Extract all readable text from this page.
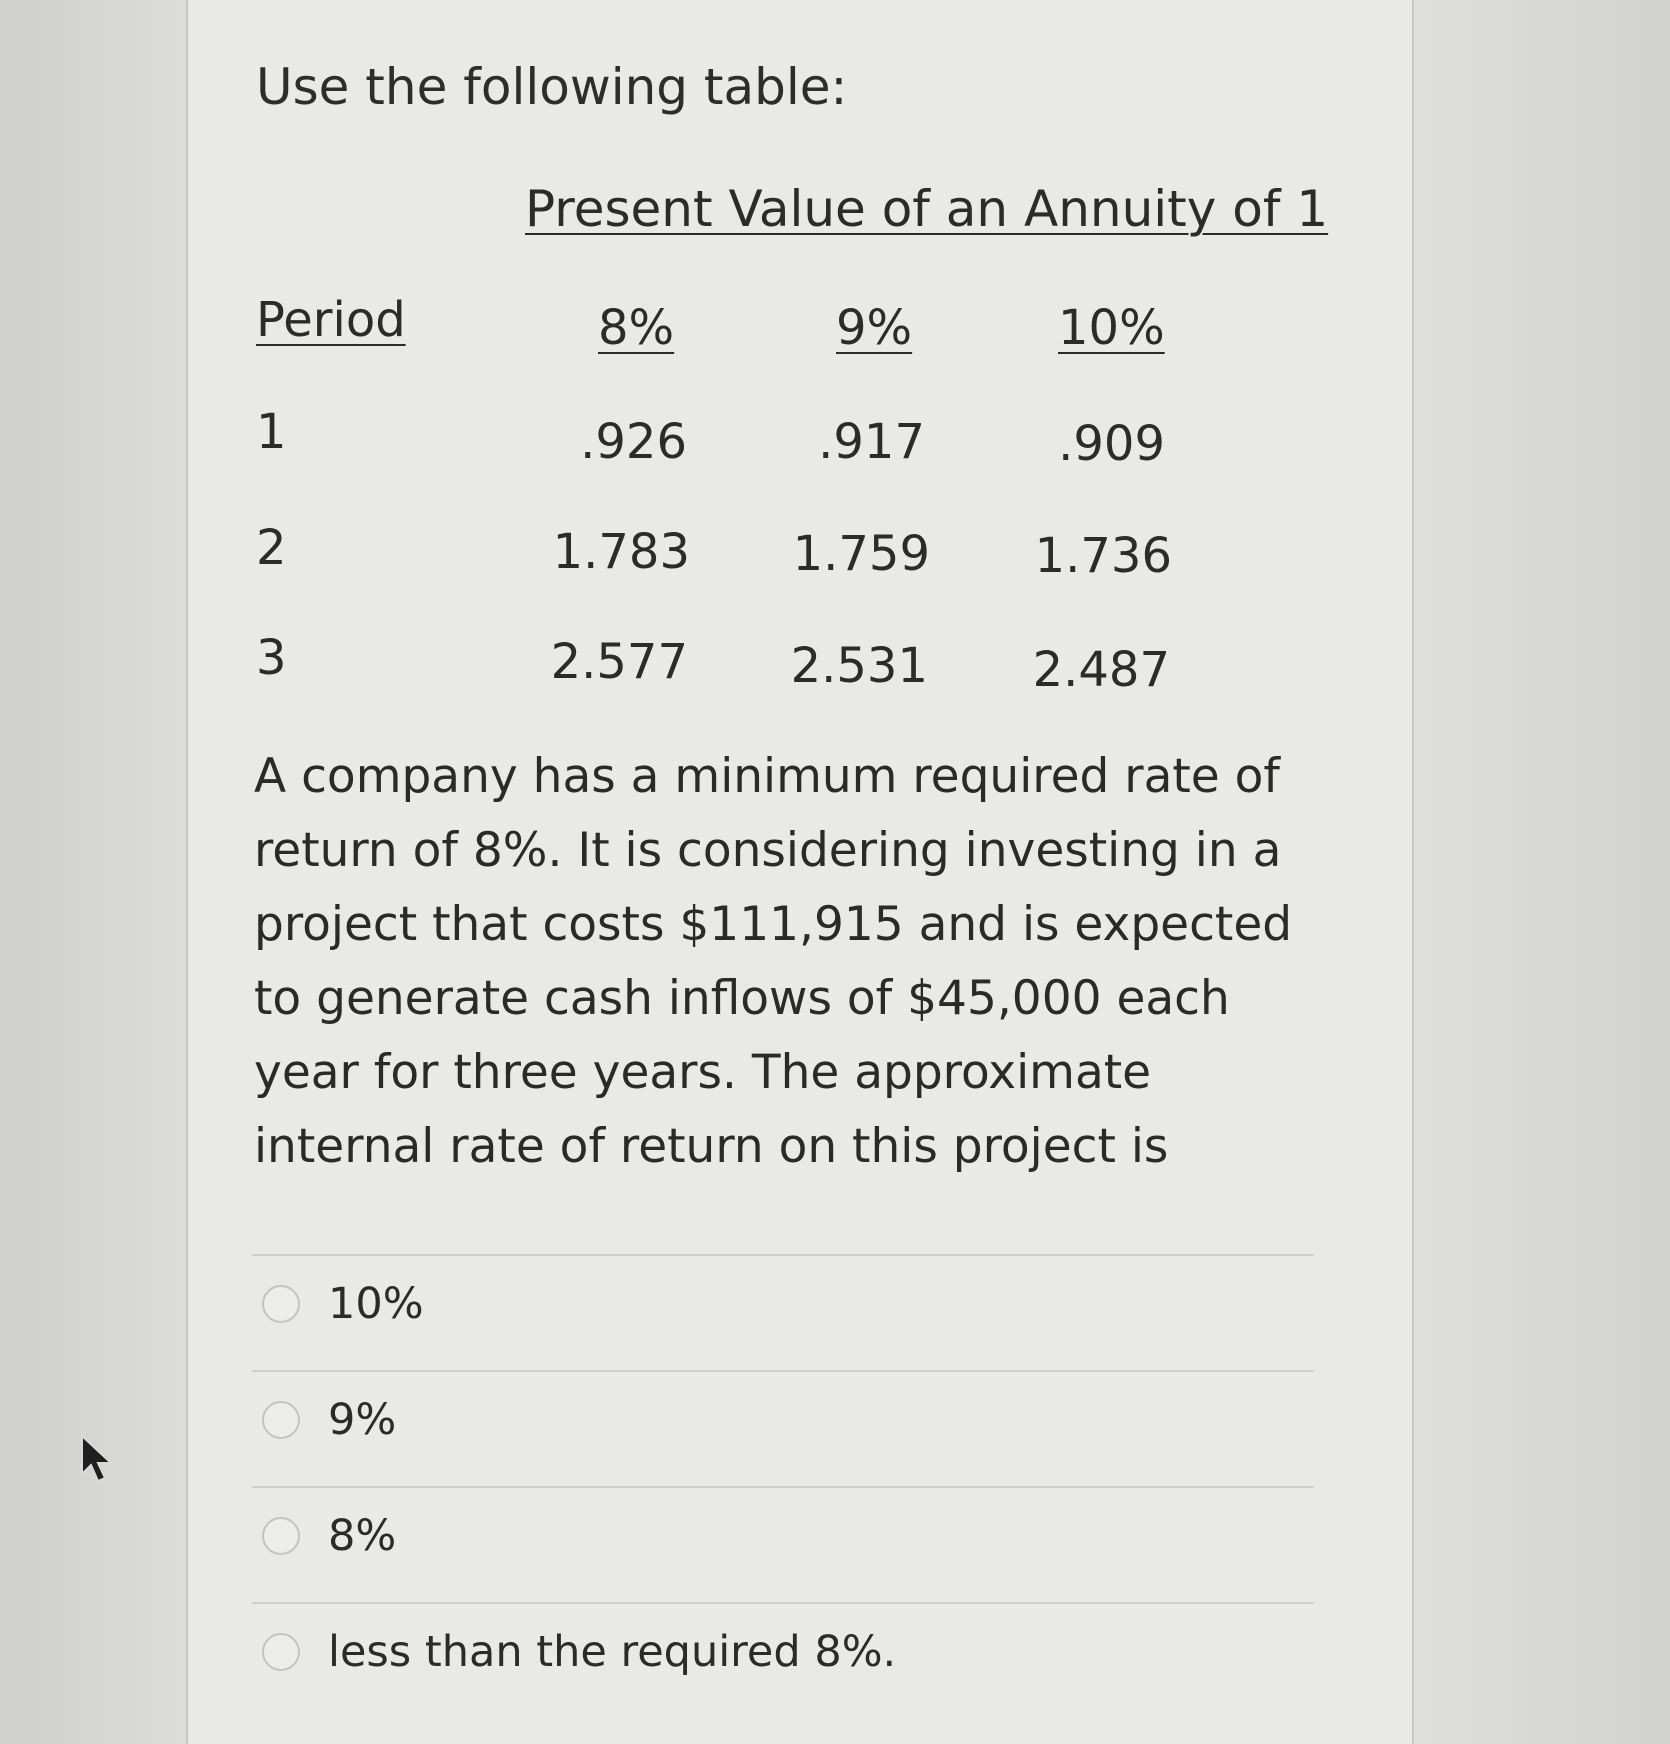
Use the following table:
Present Value of an Annuity of 1
Period	8%	9%	10%
1	.926	.917	.909
2	1.783 1.759 1.736
3	2.577 2.531 2.487
A company has a minimum required rate of return of 8%. It is considering investing in a project that costs $111,915 and is expected to generate cash inflows of $45,000 each year for three years. The approximate internal rate of return on this project is
10%
9%
8%
less than the required 8%.
